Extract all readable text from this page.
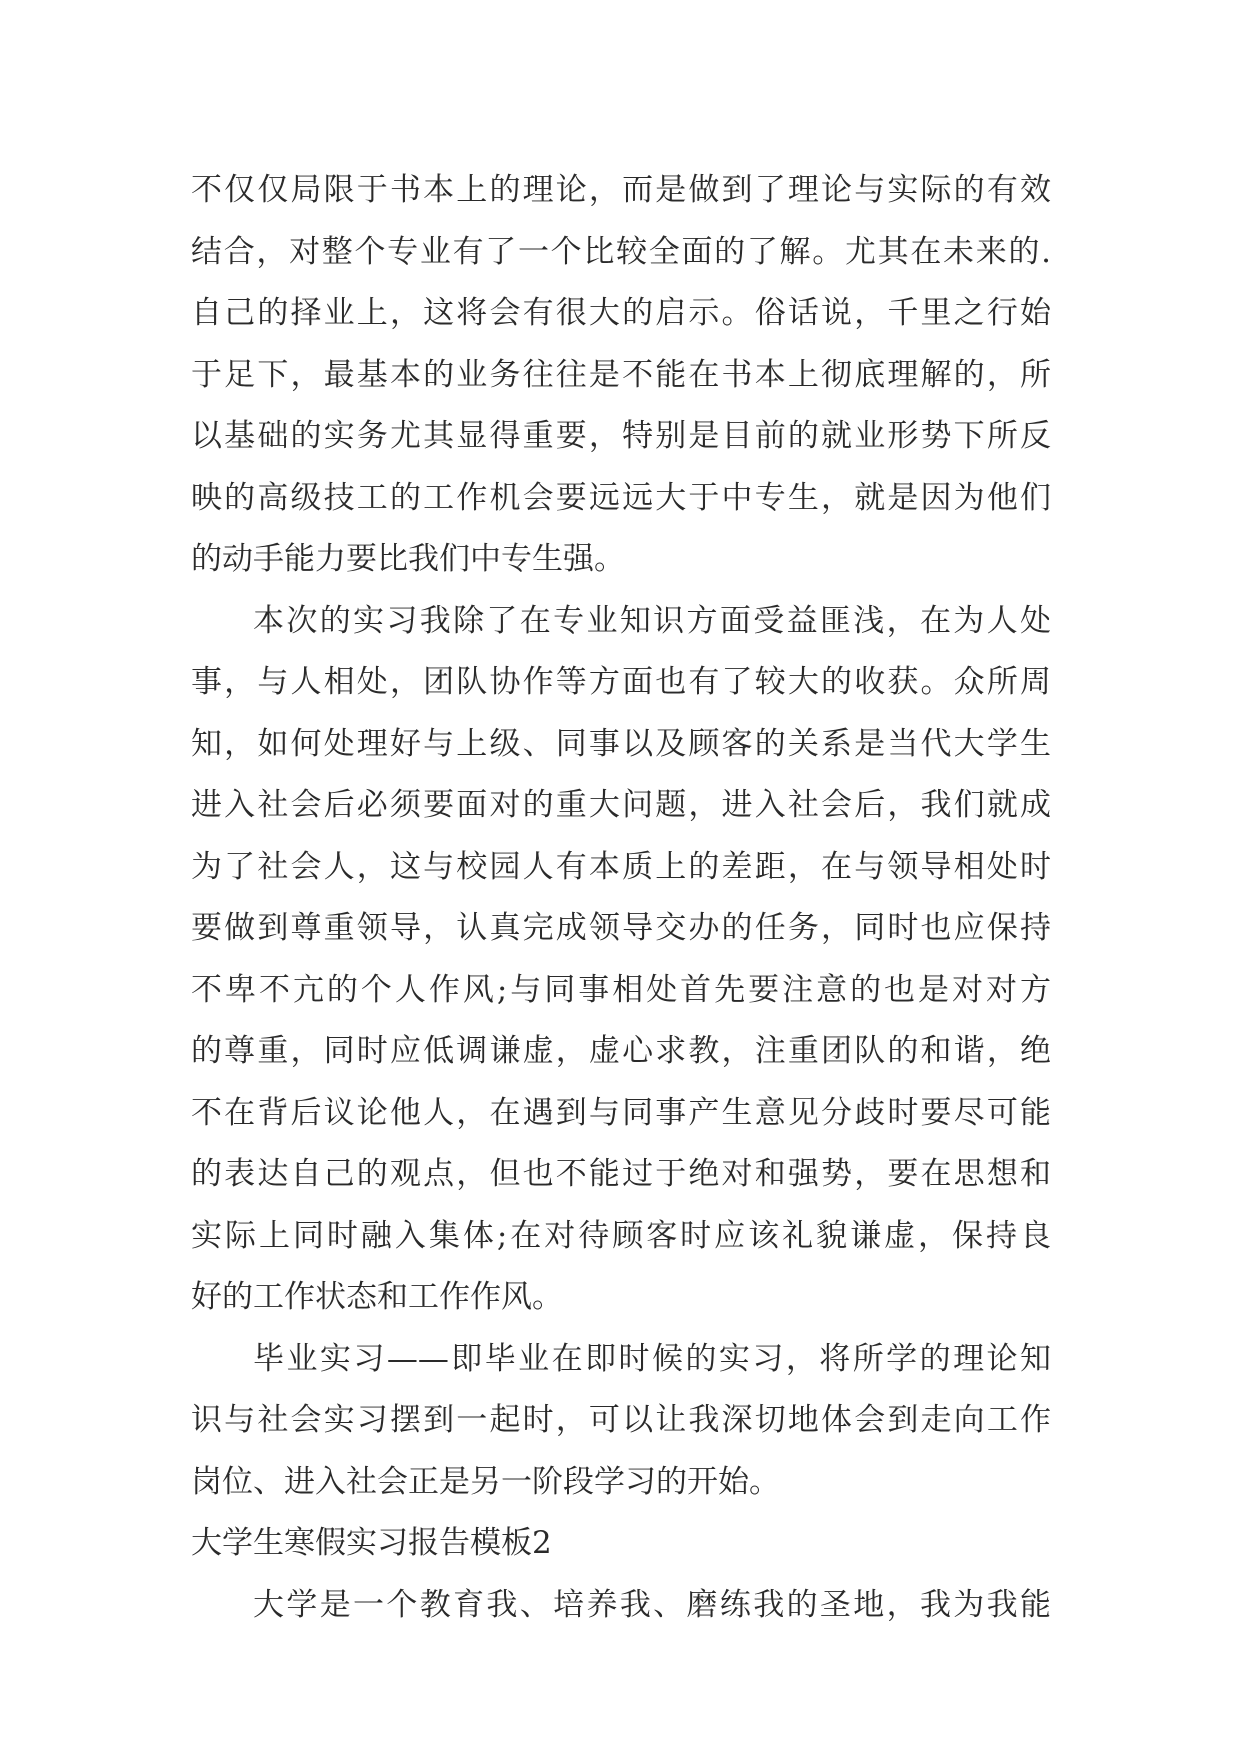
不仅仅局限于书本上的理论，而是做到了理论与实际的有效
结合，对整个专业有了一个比较全面的了解。尤其在未来的.
自己的择业上，这将会有很大的启示。俗话说，千里之行始
于足下，最基本的业务往往是不能在书本上彻底理解的，所
以基础的实务尤其显得重要，特别是目前的就业形势下所反
映的高级技工的工作机会要远远大于中专生，就是因为他们
的动手能力要比我们中专生强。
本次的实习我除了在专业知识方面受益匪浅，在为人处
事，与人相处，团队协作等方面也有了较大的收获。众所周
知，如何处理好与上级、同事以及顾客的关系是当代大学生
进入社会后必须要面对的重大问题，进入社会后，我们就成
为了社会人，这与校园人有本质上的差距，在与领导相处时
要做到尊重领导，认真完成领导交办的任务，同时也应保持
不卑不亢的个人作风;与同事相处首先要注意的也是对对方
的尊重，同时应低调谦虚，虚心求教，注重团队的和谐，绝
不在背后议论他人，在遇到与同事产生意见分歧时要尽可能
的表达自己的观点，但也不能过于绝对和强势，要在思想和
实际上同时融入集体;在对待顾客时应该礼貌谦虚，保持良
好的工作状态和工作作风。
毕业实习——即毕业在即时候的实习，将所学的理论知
识与社会实习摆到一起时，可以让我深切地体会到走向工作
岗位、进入社会正是另一阶段学习的开始。
大学生寒假实习报告模板2
大学是一个教育我、培养我、磨练我的圣地，我为我能
